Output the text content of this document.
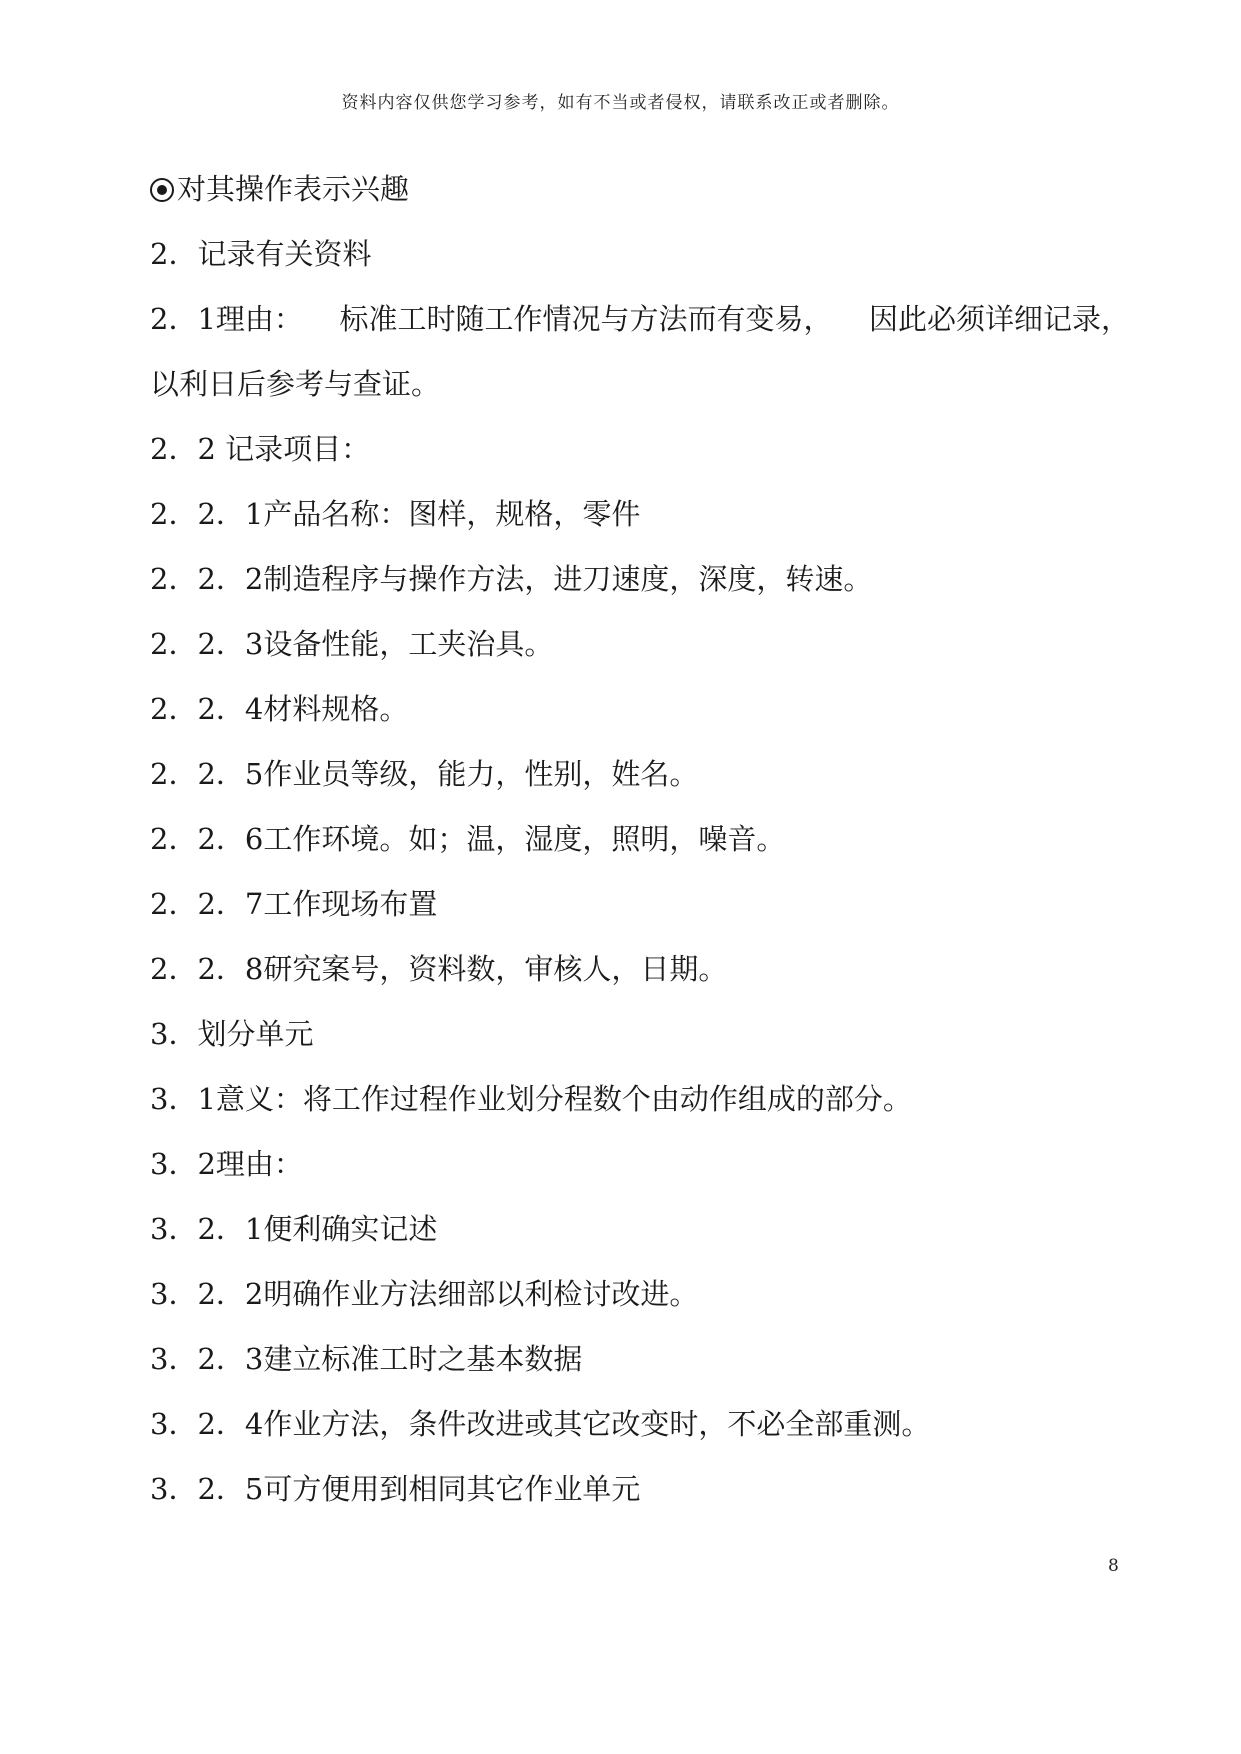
资料内容仅供您学习参考，如有不当或者侵权，请联系改正或者删除。
对其操作表示兴趣
2．记录有关资料
2．1理由： 标准工时随工作情况与方法而有变易， 因此必须详细记录，
以利日后参考与查证。
2．2 记录项目：
2．2．1产品名称：图样，规格，零件
2．2．2制造程序与操作方法，进刀速度，深度，转速。
2．2．3设备性能，工夹治具。
2．2．4材料规格。
2．2．5作业员等级，能力，性别，姓名。
2．2．6工作环境。如；温，湿度，照明，噪音。
2．2．7工作现场布置
2．2．8研究案号，资料数，审核人，日期。
3．划分单元
3．1意义：将工作过程作业划分程数个由动作组成的部分。
3．2理由：
3．2．1便利确实记述
3．2．2明确作业方法细部以利检讨改进。
3．2．3建立标准工时之基本数据
3．2．4作业方法，条件改进或其它改变时，不必全部重测。
3．2．5可方便用到相同其它作业单元
8
